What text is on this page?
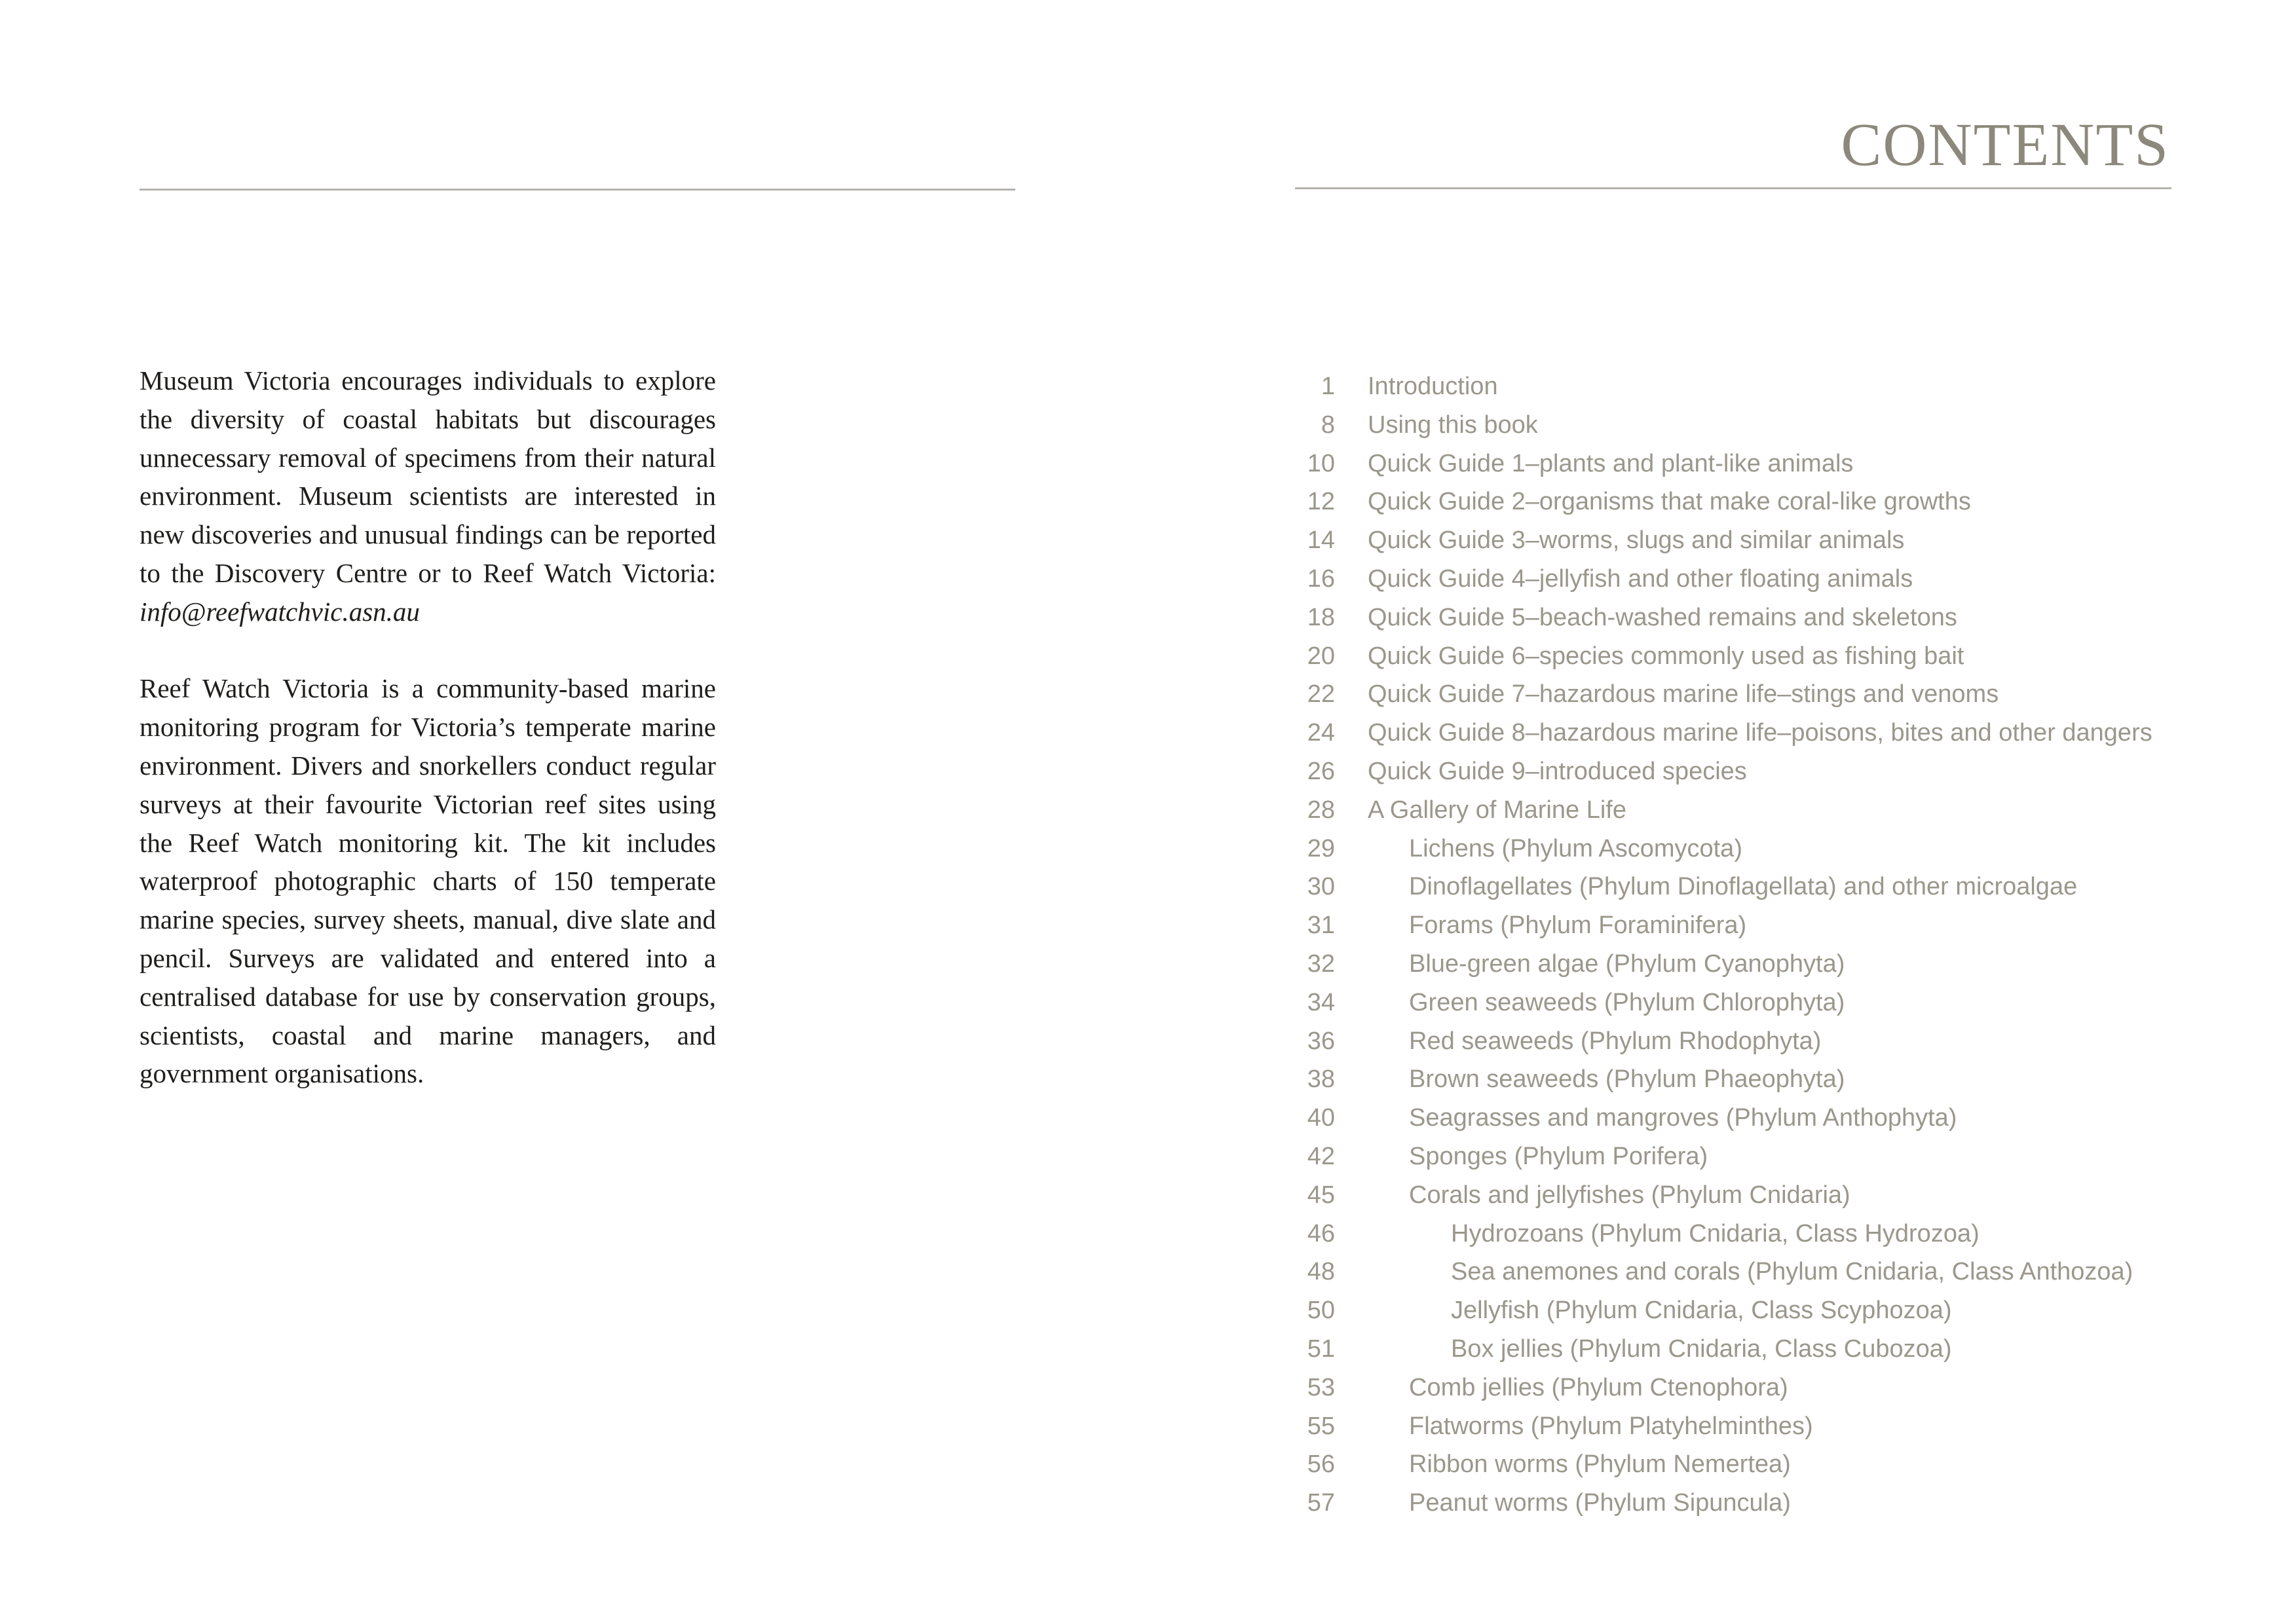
Museum Victoria encourages individuals to explore the diversity of coastal habitats but discourages unnecessary removal of specimens from their natural environment. Museum scientists are interested in new discoveries and unusual findings can be reported to the Discovery Centre or to Reef Watch Victoria: info@reefwatchvic.asn.au

Reef Watch Victoria is a community-based marine monitoring program for Victoria’s temperate marine environment. Divers and snorkellers conduct regular surveys at their favourite Victorian reef sites using the Reef Watch monitoring kit. The kit includes waterproof photographic charts of 150 temperate marine species, survey sheets, manual, dive slate and pencil. Surveys are validated and entered into a centralised database for use by conservation groups, scientists, coastal and marine managers, and government organisations.

CONTENTS
1	Introduction
8	Using this book
10	Quick Guide 1–plants and plant-like animals
12	Quick Guide 2–organisms that make coral-like growths
14	Quick Guide 3–worms, slugs and similar animals
16	Quick Guide 4–jellyfish and other floating animals
18	Quick Guide 5–beach-washed remains and skeletons
20	Quick Guide 6–species commonly used as fishing bait
22	Quick Guide 7–hazardous marine life–stings and venoms
24	Quick Guide 8–hazardous marine life–poisons, bites and other dangers
26	Quick Guide 9–introduced species
28	A Gallery of Marine Life
29	Lichens (Phylum Ascomycota)
30	Dinoflagellates (Phylum Dinoflagellata) and other microalgae
31	Forams (Phylum Foraminifera)
32	Blue-green algae (Phylum Cyanophyta)
34	Green seaweeds (Phylum Chlorophyta)
36	Red seaweeds (Phylum Rhodophyta)
38	Brown seaweeds (Phylum Phaeophyta)
40	Seagrasses and mangroves (Phylum Anthophyta)
42	Sponges (Phylum Porifera)
45	Corals and jellyfishes (Phylum Cnidaria)
46	Hydrozoans (Phylum Cnidaria, Class Hydrozoa)
48	Sea anemones and corals (Phylum Cnidaria, Class Anthozoa)
50	Jellyfish (Phylum Cnidaria, Class Scyphozoa)
51	Box jellies (Phylum Cnidaria, Class Cubozoa)
53	Comb jellies (Phylum Ctenophora)
55	Flatworms (Phylum Platyhelminthes)
56	Ribbon worms (Phylum Nemertea)
57	Peanut worms (Phylum Sipuncula)
